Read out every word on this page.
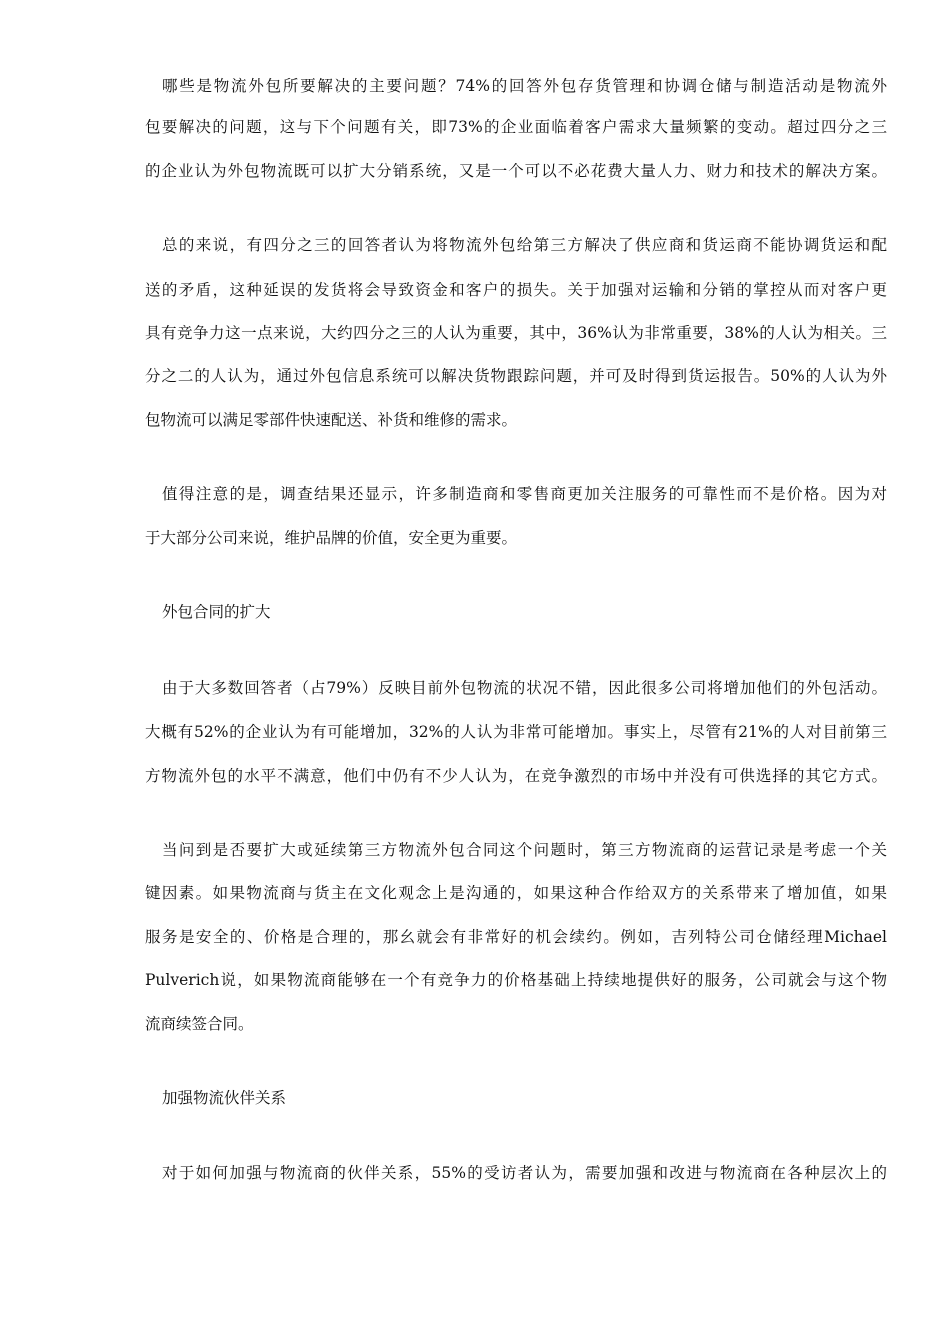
哪些是物流外包所要解决的主要问题？74%的回答外包存货管理和协调仓储与制造活动是物流外
包要解决的问题，这与下个问题有关，即73%的企业面临着客户需求大量频繁的变动。超过四分之三
的企业认为外包物流既可以扩大分销系统，又是一个可以不必花费大量人力、财力和技术的解决方案。
总的来说，有四分之三的回答者认为将物流外包给第三方解决了供应商和货运商不能协调货运和配
送的矛盾，这种延误的发货将会导致资金和客户的损失。关于加强对运输和分销的掌控从而对客户更
具有竞争力这一点来说，大约四分之三的人认为重要，其中，36%认为非常重要，38%的人认为相关。三
分之二的人认为，通过外包信息系统可以解决货物跟踪问题，并可及时得到货运报告。50%的人认为外
包物流可以满足零部件快速配送、补货和维修的需求。
值得注意的是，调查结果还显示，许多制造商和零售商更加关注服务的可靠性而不是价格。因为对
于大部分公司来说，维护品牌的价值，安全更为重要。
外包合同的扩大
由于大多数回答者（占79%）反映目前外包物流的状况不错，因此很多公司将增加他们的外包活动。
大概有52%的企业认为有可能增加，32%的人认为非常可能增加。事实上，尽管有21%的人对目前第三
方物流外包的水平不满意，他们中仍有不少人认为，在竞争激烈的市场中并没有可供选择的其它方式。
当问到是否要扩大或延续第三方物流外包合同这个问题时，第三方物流商的运营记录是考虑一个关
键因素。如果物流商与货主在文化观念上是沟通的，如果这种合作给双方的关系带来了增加值，如果
服务是安全的、价格是合理的，那幺就会有非常好的机会续约。例如，吉列特公司仓储经理Michael
Pulverich说，如果物流商能够在一个有竞争力的价格基础上持续地提供好的服务，公司就会与这个物
流商续签合同。
加强物流伙伴关系
对于如何加强与物流商的伙伴关系，55%的受访者认为，需要加强和改进与物流商在各种层次上的
